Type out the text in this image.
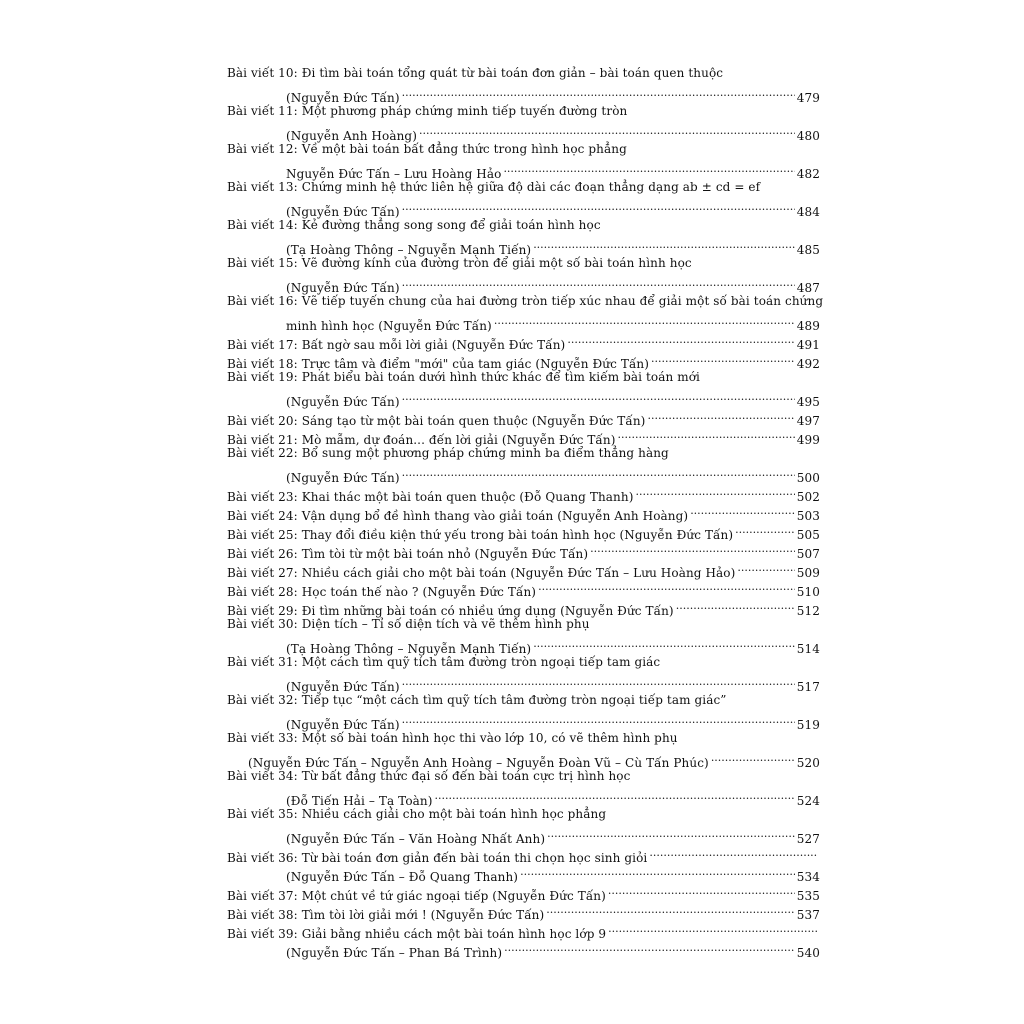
Bài viết 10: Đi tìm bài toán tổng quát từ bài toán đơn giản – bài toán quen thuộc
(Nguyễn Đức Tấn) .....	479
Bài viết 11: Một phương pháp chứng minh tiếp tuyến đường tròn
(Nguyễn Anh Hoàng) .....	480
Bài viết 12: Về một bài toán bất đẳng thức trong hình học phẳng
Nguyễn Đức Tấn – Lưu Hoàng Hảo .....	482
Bài viết 13: Chứng minh hệ thức liên hệ giữa độ dài các đoạn thẳng dạng ab ± cd = ef
(Nguyễn Đức Tấn) .....	484
Bài viết 14: Kẻ đường thẳng song song để giải toán hình học
(Tạ Hoàng Thông – Nguyễn Mạnh Tiến) .....	485
Bài viết 15: Vẽ đường kính của đường tròn để giải một số bài toán hình học
(Nguyễn Đức Tấn) .....	487
Bài viết 16: Vẽ tiếp tuyến chung của hai đường tròn tiếp xúc nhau để giải một số bài toán chứng
minh hình học (Nguyễn Đức Tấn) .....	489
Bài viết 17: Bất ngờ sau mỗi lời giải (Nguyễn Đức Tấn) .....	491
Bài viết 18: Trực tâm và điểm "mới" của tam giác (Nguyễn Đức Tấn) .....	492
Bài viết 19: Phát biểu bài toán dưới hình thức khác để tìm kiếm bài toán mới
(Nguyễn Đức Tấn) .....	495
Bài viết 20: Sáng tạo từ một bài toán quen thuộc (Nguyễn Đức Tấn) .....	497
Bài viết 21: Mò mẫm, dự đoán... đến lời giải (Nguyễn Đức Tấn) .....	499
Bài viết 22: Bổ sung một phương pháp chứng minh ba điểm thẳng hàng
(Nguyễn Đức Tấn) .....	500
Bài viết 23: Khai thác một bài toán quen thuộc (Đỗ Quang Thanh) .....	502
Bài viết 24: Vận dụng bổ đề hình thang vào giải toán (Nguyễn Anh Hoàng) .....	503
Bài viết 25: Thay đổi điều kiện thứ yếu trong bài toán hình học (Nguyễn Đức Tấn) .....	505
Bài viết 26: Tìm tòi từ một bài toán nhỏ (Nguyễn Đức Tấn) .....	507
Bài viết 27: Nhiều cách giải cho một bài toán (Nguyễn Đức Tấn – Lưu Hoàng Hảo) .....	509
Bài viết 28: Học toán thế nào ? (Nguyễn Đức Tấn) .....	510
Bài viết 29: Đi tìm những bài toán có nhiều ứng dụng (Nguyễn Đức Tấn) .....	512
Bài viết 30: Diện tích – Tỉ số diện tích và vẽ thêm hình phụ
(Tạ Hoàng Thông – Nguyễn Mạnh Tiến) .....	514
Bài viết 31: Một cách tìm quỹ tích tâm đường tròn ngoại tiếp tam giác
(Nguyễn Đức Tấn) .....	517
Bài viết 32: Tiếp tục “một cách tìm quỹ tích tâm đường tròn ngoại tiếp tam giác”
(Nguyễn Đức Tấn) .....	519
Bài viết 33: Một số bài toán hình học thi vào lớp 10, có vẽ thêm hình phụ
(Nguyễn Đức Tấn – Nguyễn Anh Hoàng – Nguyễn Đoàn Vũ – Cù Tấn Phúc) .....	520
Bài viết 34: Từ bất đẳng thức đại số đến bài toán cực trị hình học
(Đỗ Tiến Hải – Tạ Toàn) .....	524
Bài viết 35: Nhiều cách giải cho một bài toán hình học phẳng
(Nguyễn Đức Tấn – Văn Hoàng Nhất Anh) .....	527
Bài viết 36: Từ bài toán đơn giản đến bài toán thi chọn học sinh giỏi
.....
(Nguyễn Đức Tấn – Đỗ Quang Thanh) .....	534
Bài viết 37: Một chút về tứ giác ngoại tiếp (Nguyễn Đức Tấn) .....	535
Bài viết 38: Tìm tòi lời giải mới ! (Nguyễn Đức Tấn) .....	537
Bài viết 39: Giải bằng nhiều cách một bài toán hình học lớp 9
.....
(Nguyễn Đức Tấn – Phan Bá Trình) .....	540
